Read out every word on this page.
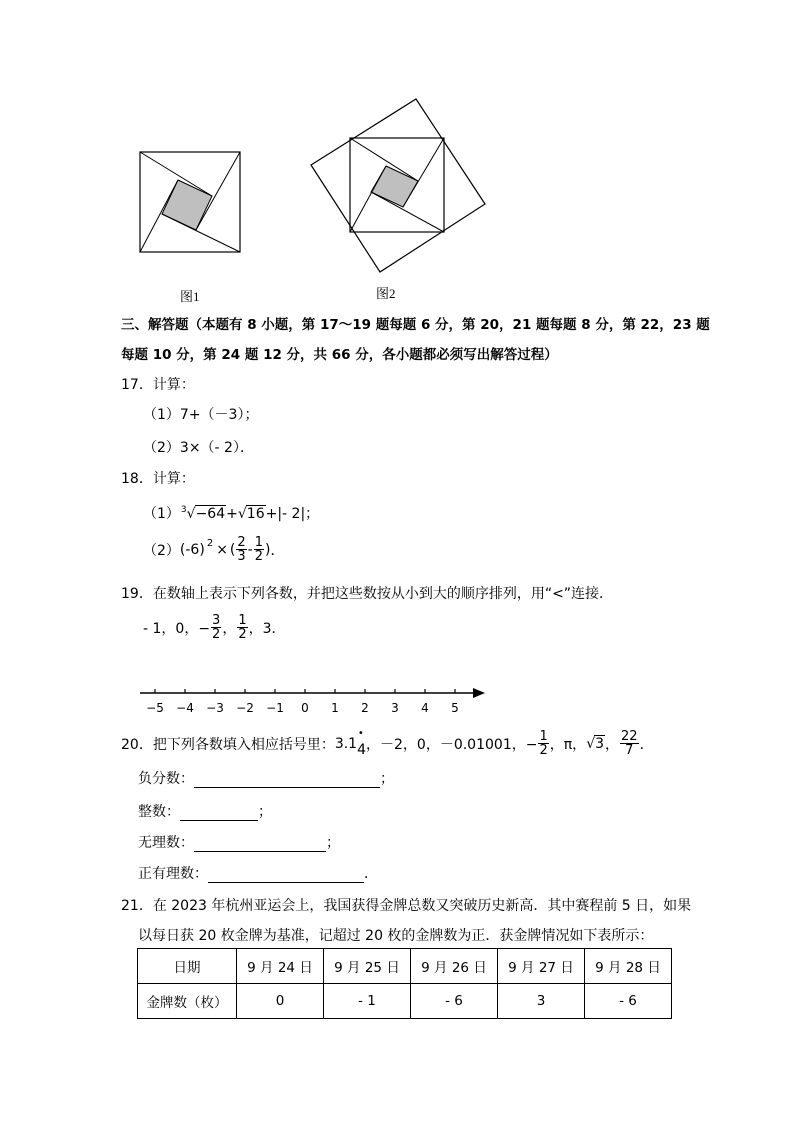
图1	图2
三、解答题（本题有 8 小题，第 17～19 题每题 6 分，第 20，21 题每题 8 分，第 22，23 题
每题 10 分，第 24 题 12 分，共 66 分，各小题都必须写出解答过程）
17．计算：
（1）7+（－3）；
（2）3×（- 2）．
18．计算：
$(1)^3√-64+√16+|-$ 2|；
（2） $(-6)^2$ × ( $\frac{2}{3} - \frac{1}{2}$ ) ．
19．在数轴上表示下列各数，并把这些数按从小到大的顺序排列，用“<”连接．
- 1，0，− $\frac{3}{2}$ ， $\frac{1}{2}$ ，3．
−5 −4 −3 −2 −1 0 1 2 3 4 5
20．把下列各数填入相应括号里： 3.14
•
，－2，0，－0.01001，− $\frac{1}{2}$ ，π， √ 3 ， $\frac{22}{7}$ ．
负分数：	；
整数：	；
无理数：	；
正有理数：	．
21．在 2023 年杭州亚运会上，我国获得金牌总数又突破历史新高．其中赛程前 5 日，如果
以每日获 20 枚金牌为基准，记超过 20 枚的金牌数为正．获金牌情况如下表所示：
日期	9 月 24 日	9 月 25 日	9 月 26 日	9 月 27 日	9 月 28 日
金牌数（枚）	0	- 1	- 6	3	- 6
